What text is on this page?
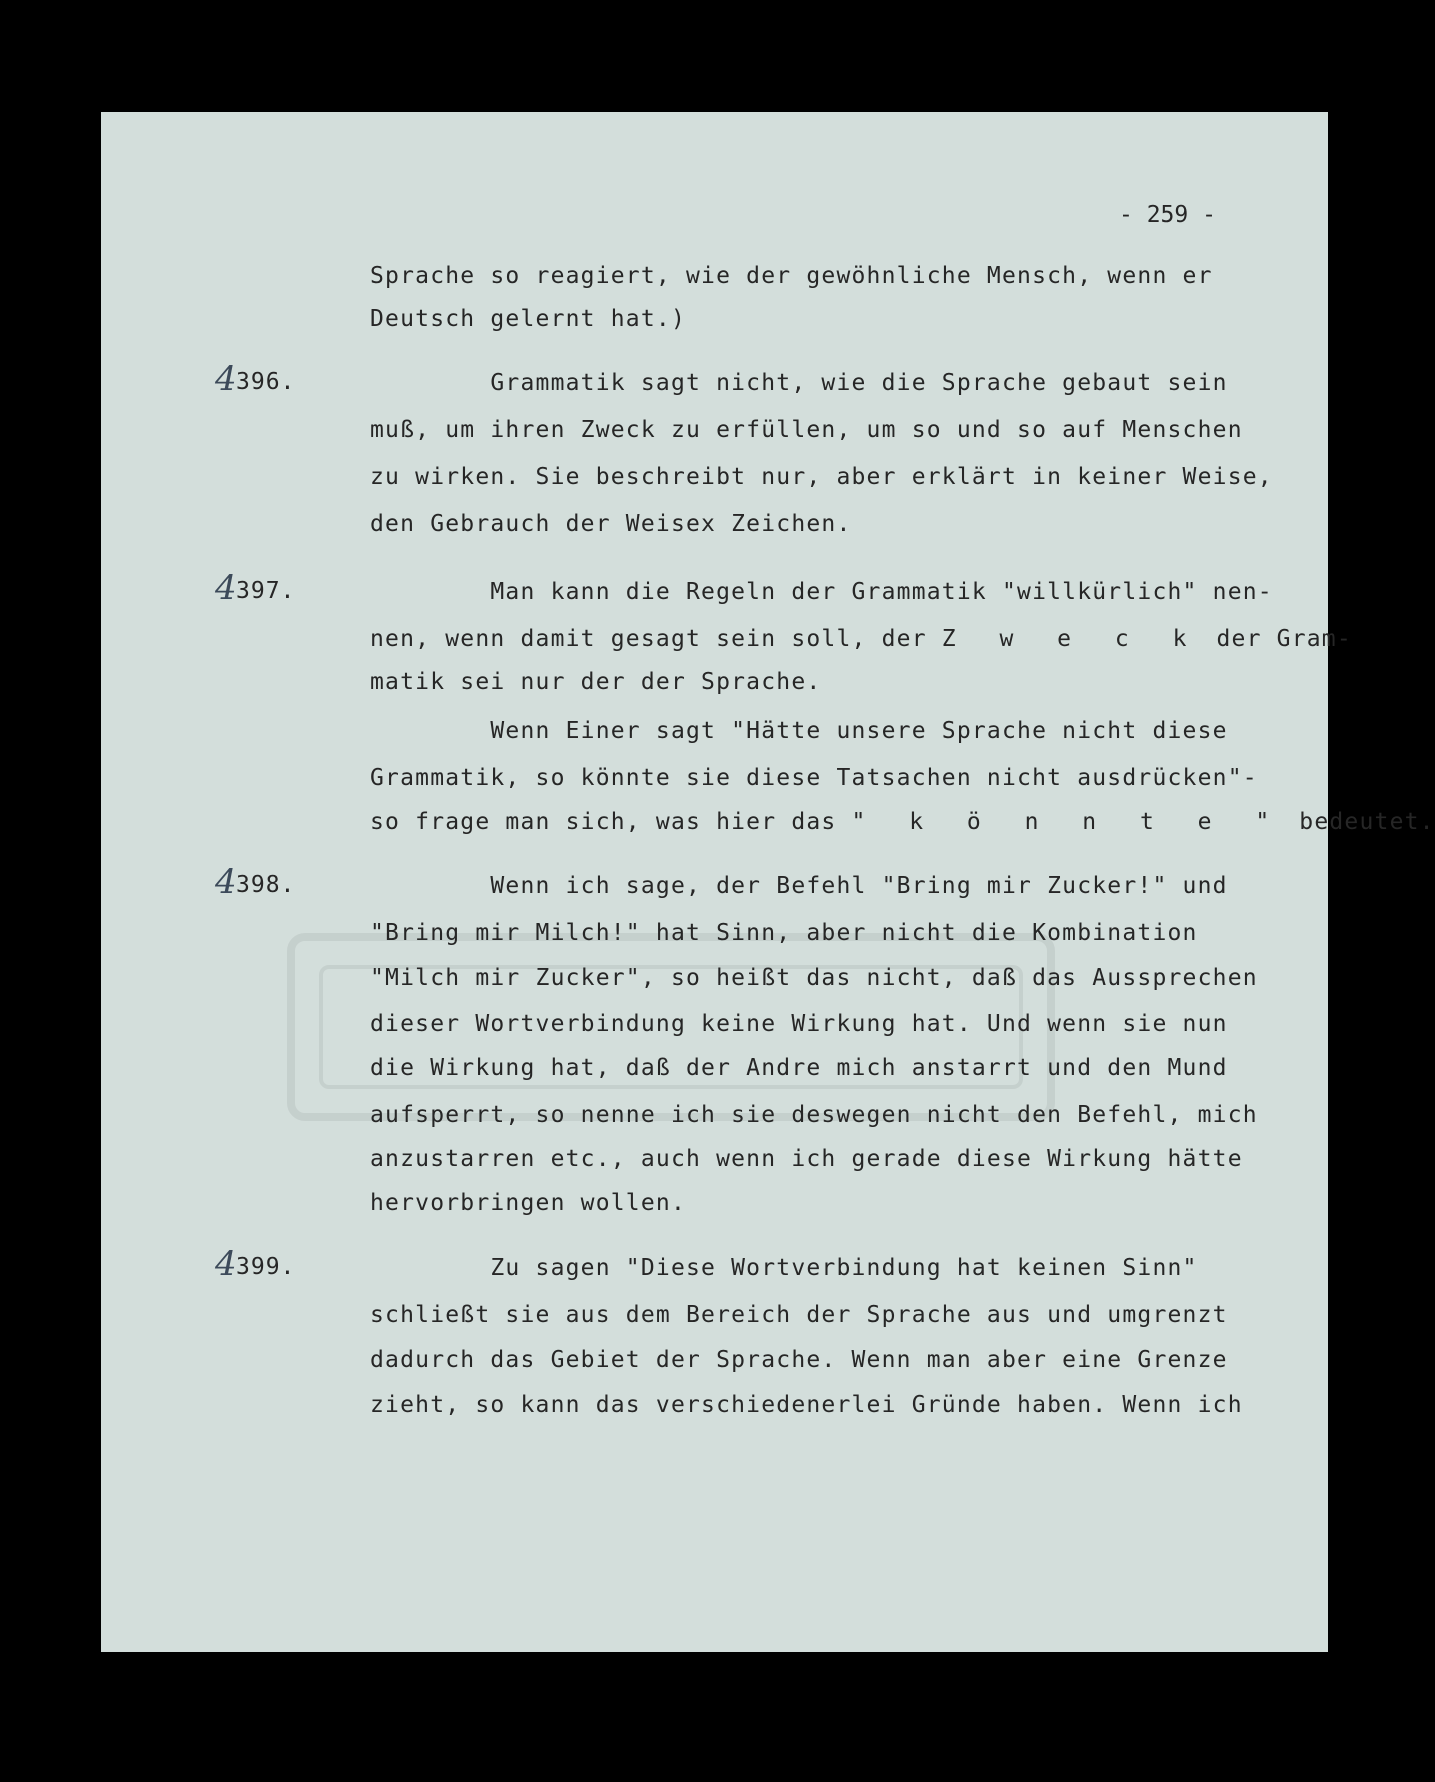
- 259 -
Sprache so reagiert, wie der gewöhnliche Mensch, wenn er
Deutsch gelernt hat.)
4 396.	Grammatik sagt nicht, wie die Sprache gebaut sein
muß, um ihren Zweck zu erfüllen, um so und so auf Menschen
zu wirken. Sie beschreibt nur, aber erklärt in keiner Weise,
den Gebrauch der Weisex Zeichen.
4 397.	Man kann die Regeln der Grammatik "willkürlich" nen-
nen, wenn damit gesagt sein soll, der Z w e c k der Gram-
matik sei nur der der Sprache.
Wenn Einer sagt "Hätte unsere Sprache nicht diese
Grammatik, so könnte sie diese Tatsachen nicht ausdrücken"-
so frage man sich, was hier das " k ö n n t e " bedeutet.
4 398.	Wenn ich sage, der Befehl "Bring mir Zucker!" und
"Bring mir Milch!" hat Sinn, aber nicht die Kombination
"Milch mir Zucker", so heißt das nicht, daß das Aussprechen
dieser Wortverbindung keine Wirkung hat. Und wenn sie nun
die Wirkung hat, daß der Andre mich anstarrt und den Mund
aufsperrt, so nenne ich sie deswegen nicht den Befehl, mich
anzustarren etc., auch wenn ich gerade diese Wirkung hätte
hervorbringen wollen.
4 399.	Zu sagen "Diese Wortverbindung hat keinen Sinn"
schließt sie aus dem Bereich der Sprache aus und umgrenzt
dadurch das Gebiet der Sprache. Wenn man aber eine Grenze
zieht, so kann das verschiedenerlei Gründe haben. Wenn ich
